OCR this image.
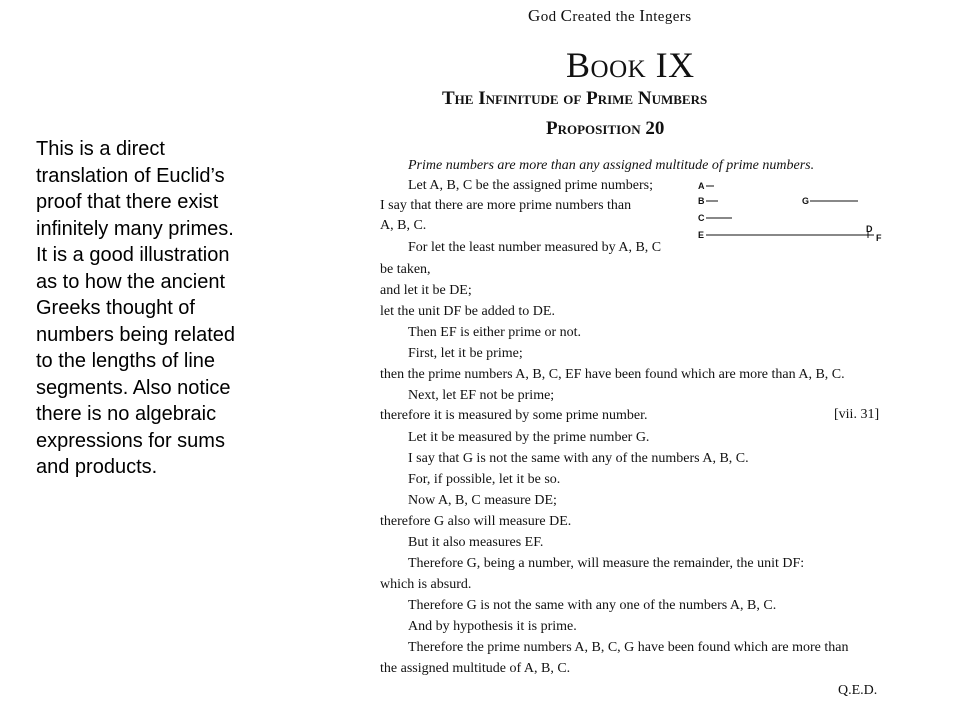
This is a direct
translation of Euclid’s
proof that there exist
infinitely many primes.
It is a good illustration
as to how the ancient
Greeks thought of
numbers being related
to the lengths of line
segments. Also notice
there is no algebraic
expressions for sums
and products.

God Created the Integers
Book IX
The Infinitude of Prime Numbers
Proposition 20
Prime numbers are more than any assigned multitude of prime numbers.
Let A, B, C be the assigned prime numbers;
I say that there are more prime numbers than
A, B, C.
For let the least number measured by A, B, C
be taken,
and let it be DE;
let the unit DF be added to DE.
Then EF is either prime or not.
First, let it be prime;
then the prime numbers A, B, C, EF have been found which are more than A, B, C.
Next, let EF not be prime;
therefore it is measured by some prime number.
Let it be measured by the prime number G.
I say that G is not the same with any of the numbers A, B, C.
For, if possible, let it be so.
Now A, B, C measure DE;
therefore G also will measure DE.
But it also measures EF.
Therefore G, being a number, will measure the remainder, the unit DF:
which is absurd.
Therefore G is not the same with any one of the numbers A, B, C.
And by hypothesis it is prime.
Therefore the prime numbers A, B, C, G have been found which are more than
the assigned multitude of A, B, C.
[vii. 31]
Q.E.D.
A
B
C
E
G
D
F
